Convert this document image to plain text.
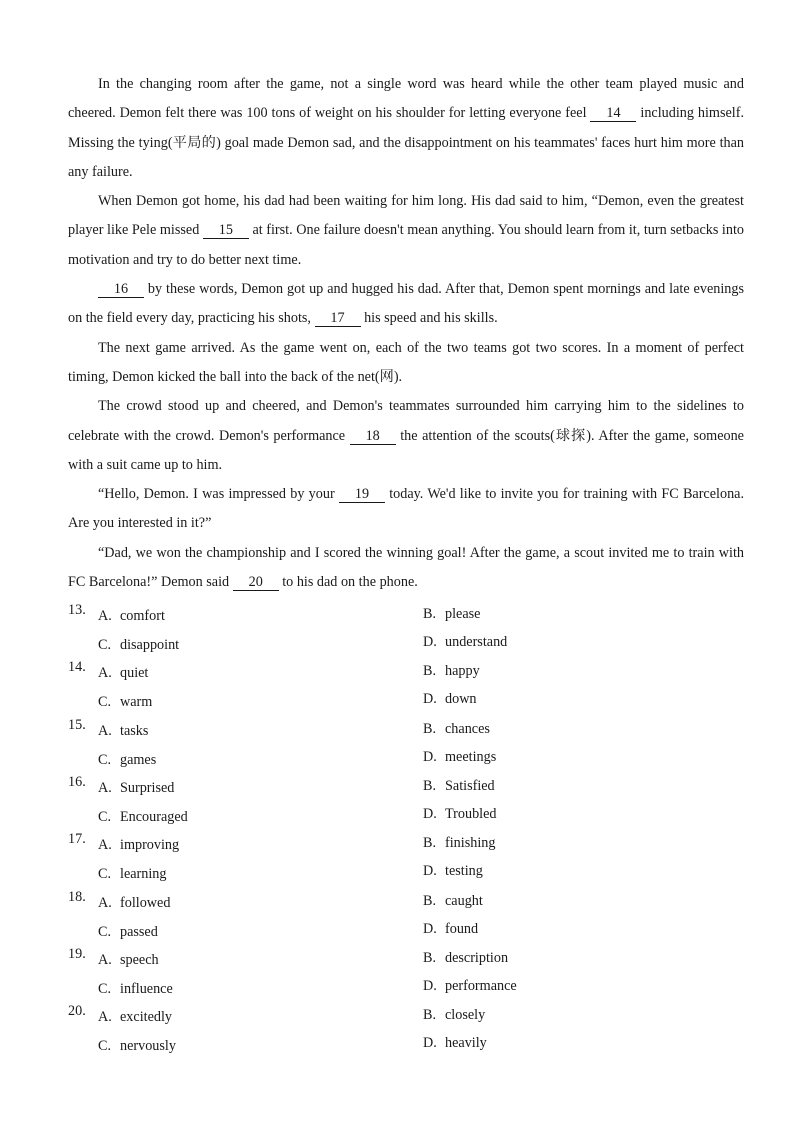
In the changing room after the game, not a single word was heard while the other team played music and cheered. Demon felt there was 100 tons of weight on his shoulder for letting everyone feel 14 including himself. Missing the tying(平局的) goal made Demon sad, and the disappointment on his teammates' faces hurt him more than any failure.

When Demon got home, his dad had been waiting for him long. His dad said to him, “Demon, even the greatest player like Pele missed 15 at first. One failure doesn't mean anything. You should learn from it, turn setbacks into motivation and try to do better next time.

16 by these words, Demon got up and hugged his dad. After that, Demon spent mornings and late evenings on the field every day, practicing his shots, 17 his speed and his skills.

The next game arrived. As the game went on, each of the two teams got two scores. In a moment of perfect timing, Demon kicked the ball into the back of the net(网).

The crowd stood up and cheered, and Demon's teammates surrounded him carrying him to the sidelines to celebrate with the crowd. Demon's performance 18 the attention of the scouts(球探). After the game, someone with a suit came up to him.

“Hello, Demon. I was impressed by your 19 today. We'd like to invite you for training with FC Barcelona. Are you interested in it?”

“Dad, we won the championship and I scored the winning goal! After the game, a scout invited me to train with FC Barcelona!” Demon said 20 to his dad on the phone.

13. A. comfort	B. please
C. disappoint	D. understand
14. A. quiet	B. happy
C. warm	D. down
15. A. tasks	B. chances
C. games	D. meetings
16. A. Surprised	B. Satisfied
C. Encouraged	D. Troubled
17. A. improving	B. finishing
C. learning	D. testing
18. A. followed	B. caught
C. passed	D. found
19. A. speech	B. description
C. influence	D. performance
20. A. excitedly	B. closely
C. nervously	D. heavily
